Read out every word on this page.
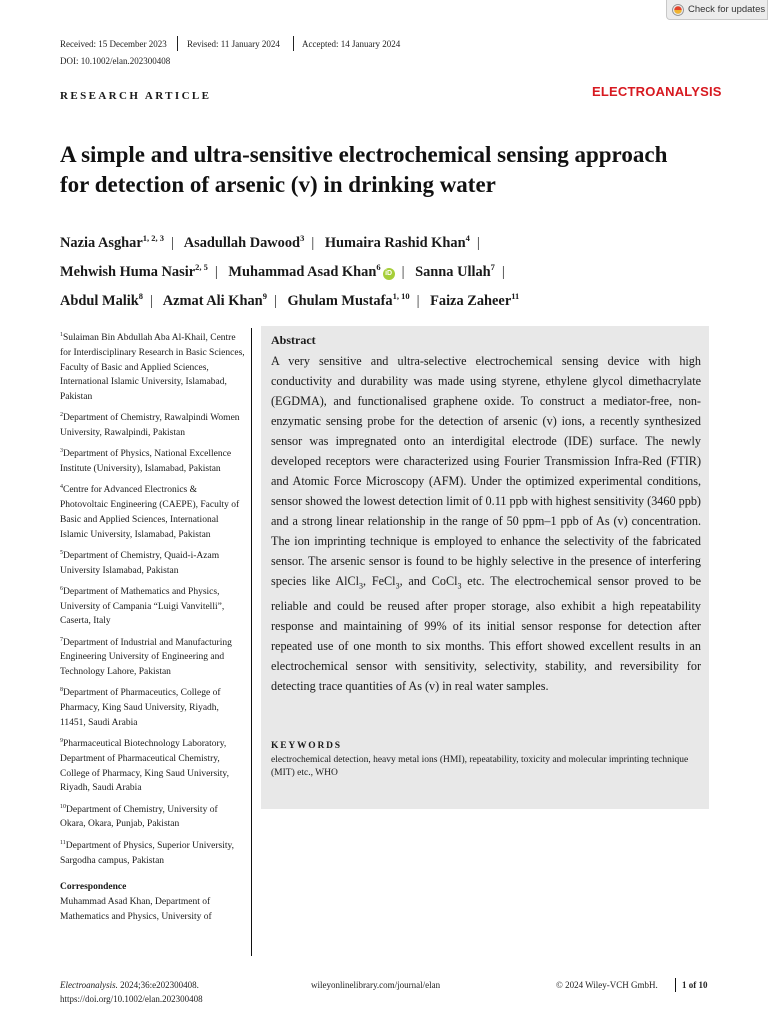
Check for updates
Received: 15 December 2023 Revised: 11 January 2024 Accepted: 14 January 2024
DOI: 10.1002/elan.202300408
RESEARCH ARTICLE	ELECTROANALYSIS
A simple and ultra-sensitive electrochemical sensing approach for detection of arsenic (v) in drinking water
Nazia Asghar$^{1, 2, 3}$ | Asadullah Dawood$^3$ | Humaira Rashid Khan$^4$ |
Mehwish Huma Nasir$^{2, 5}$ | Muhammad Asad Khan$^6$iD | Sanna Ullah$^7$ |
Abdul Malik$^8$ | Azmat Ali Khan$^9$ | Ghulam Mustafa$^{1, 10}$ | Faiza Zaheer$^{11}$
$^1$Sulaiman Bin Abdullah Aba Al-Khail, Centre for Interdisciplinary Research in Basic Sciences, Faculty of Basic and Applied Sciences, International Islamic University, Islamabad, Pakistan
$^2$Department of Chemistry, Rawalpindi Women University, Rawalpindi, Pakistan
$^3$Department of Physics, National Excellence Institute (University), Islamabad, Pakistan
$^4$Centre for Advanced Electronics & Photovoltaic Engineering (CAEPE), Faculty of Basic and Applied Sciences, International Islamic University, Islamabad, Pakistan
$^5$Department of Chemistry, Quaid-i-Azam University Islamabad, Pakistan
$^6$Department of Mathematics and Physics, University of Campania “Luigi Vanvitelli”, Caserta, Italy
$^7$Department of Industrial and Manufacturing Engineering University of Engineering and Technology Lahore, Pakistan
$^8$Department of Pharmaceutics, College of Pharmacy, King Saud University, Riyadh, 11451, Saudi Arabia
$^9$Pharmaceutical Biotechnology Laboratory, Department of Pharmaceutical Chemistry, College of Pharmacy, King Saud University, Riyadh, Saudi Arabia
$^{10}$Department of Chemistry, University of Okara, Okara, Punjab, Pakistan
$^{11}$Department of Physics, Superior University, Sargodha campus, Pakistan
Correspondence
Muhammad Asad Khan, Department of Mathematics and Physics, University of
Abstract
A very sensitive and ultra-selective electrochemical sensing device with high conductivity and durability was made using styrene, ethylene glycol dimethacrylate (EGDMA), and functionalised graphene oxide. To construct a mediator-free, non-enzymatic sensing probe for the detection of arsenic (v) ions, a recently synthesized sensor was impregnated onto an interdigital electrode (IDE) surface. The newly developed receptors were characterized using Fourier Transmission Infra-Red (FTIR) and Atomic Force Microscopy (AFM). Under the optimized experimental conditions, sensor showed the lowest detection limit of 0.11 ppb with highest sensitivity (3460 ppb) and a strong linear relationship in the range of 50 ppm–1 ppb of As (v) concentration. The ion imprinting technique is employed to enhance the selectivity of the fabricated sensor. The arsenic sensor is found to be highly selective in the presence of interfering species like AlCl$_3$, FeCl$_3$, and CoCl$_3$ etc. The electrochemical sensor proved to be reliable and could be reused after proper storage, also exhibit a high repeatability response and maintaining of 99% of its initial sensor response for detection after repeated use of one month to six months. This effort showed excellent results in an electrochemical sensor with sensitivity, selectivity, stability, and reversibility for detecting trace quantities of As (v) in real water samples.
KEYWORDS
electrochemical detection, heavy metal ions (HMI), repeatability, toxicity and molecular imprinting technique (MIT) etc., WHO
Electroanalysis. 2024;36:e202300408.
https://doi.org/10.1002/elan.202300408
wileyonlinelibrary.com/journal/elan	© 2024 Wiley-VCH GmbH.	1 of 10
